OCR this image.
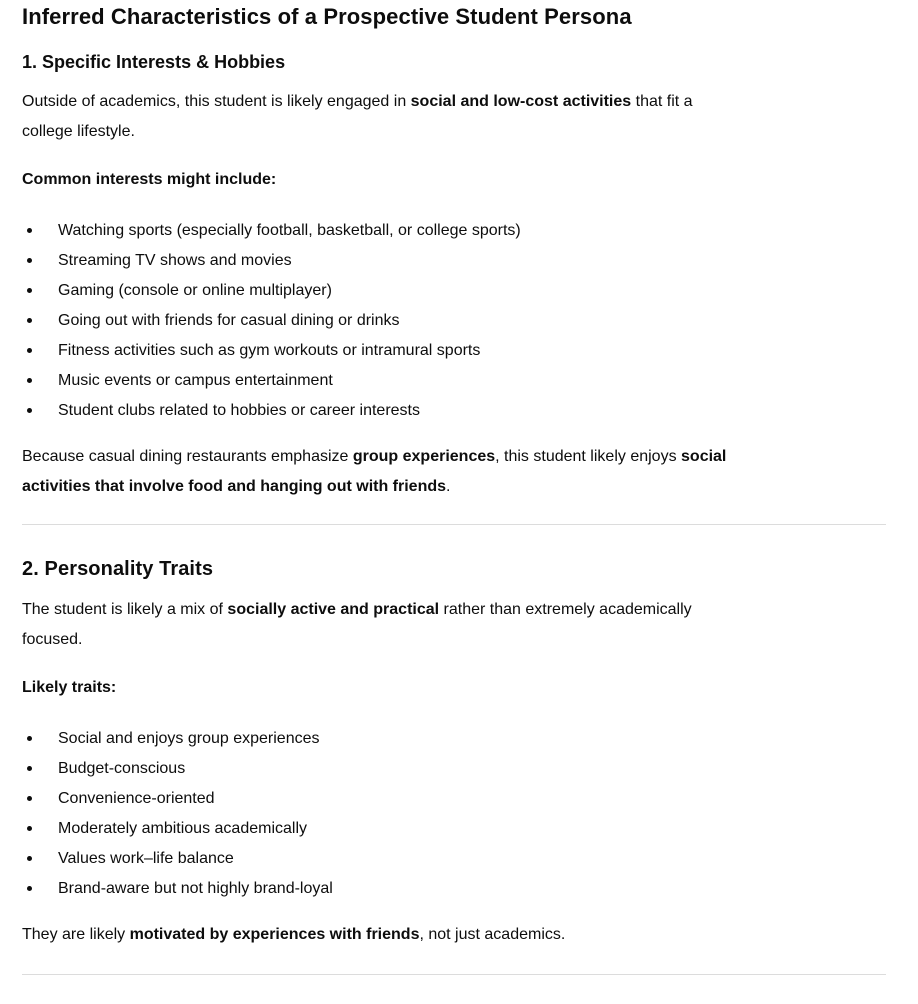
Inferred Characteristics of a Prospective Student Persona
1. Specific Interests & Hobbies

Outside of academics, this student is likely engaged in social and low-cost activities that fit a
college lifestyle.

Common interests might include:

Watching sports (especially football, basketball, or college sports)
Streaming TV shows and movies
Gaming (console or online multiplayer)
Going out with friends for casual dining or drinks
Fitness activities such as gym workouts or intramural sports
Music events or campus entertainment
Student clubs related to hobbies or career interests

Because casual dining restaurants emphasize group experiences, this student likely enjoys social
activities that involve food and hanging out with friends.

2. Personality Traits

The student is likely a mix of socially active and practical rather than extremely academically
focused.

Likely traits:

Social and enjoys group experiences
Budget-conscious
Convenience-oriented
Moderately ambitious academically
Values work–life balance
Brand-aware but not highly brand-loyal

They are likely motivated by experiences with friends, not just academics.
